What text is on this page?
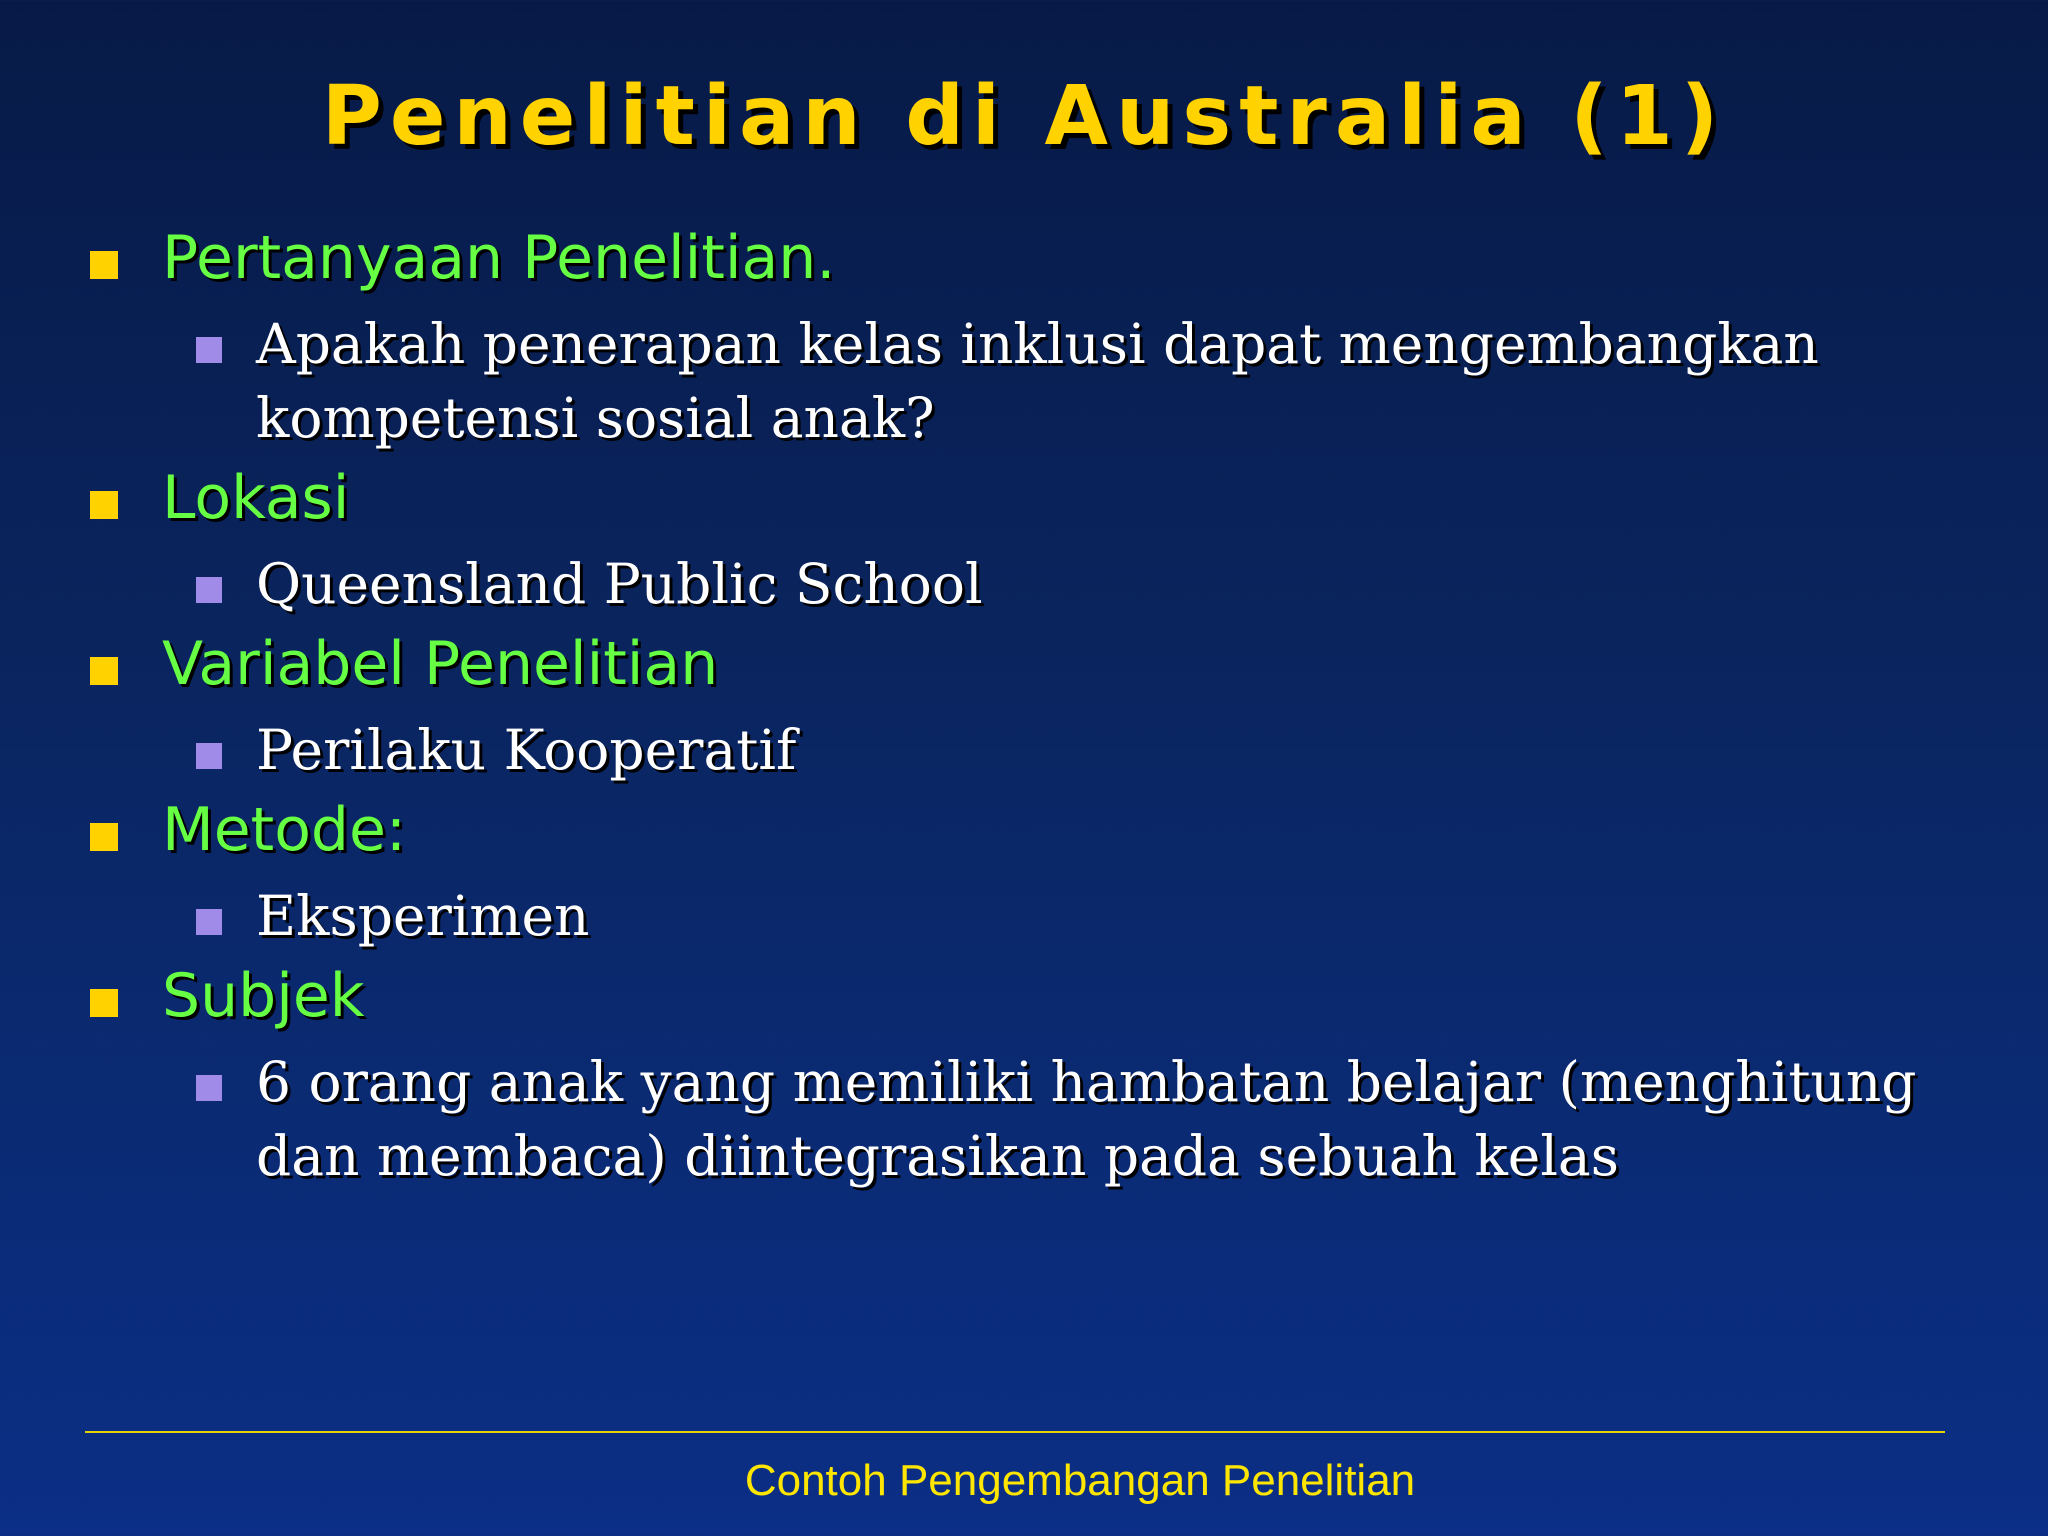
Penelitian di Australia (1)
Pertanyaan Penelitian.
Apakah penerapan kelas inklusi dapat mengembangkan kompetensi sosial anak?
Lokasi
Queensland Public School
Variabel Penelitian
Perilaku Kooperatif
Metode:
Eksperimen
Subjek
6 orang anak yang memiliki hambatan belajar (menghitung dan membaca) diintegrasikan pada sebuah kelas
Contoh Pengembangan Penelitian
